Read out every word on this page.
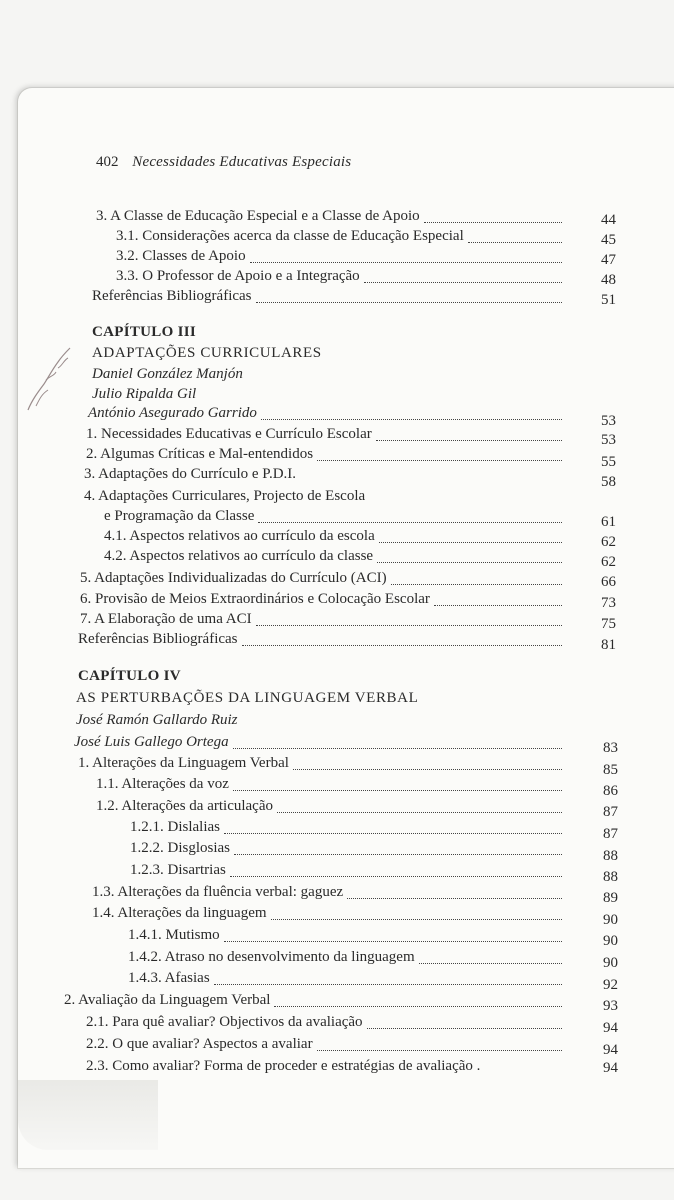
402 Necessidades Educativas Especiais
3. A Classe de Educação Especial e a Classe de Apoio	44
3.1. Considerações acerca da classe de Educação Especial	45
3.2. Classes de Apoio	47
3.3. O Professor de Apoio e a Integração	48
Referências Bibliográficas	51
CAPÍTULO III
ADAPTAÇÕES CURRICULARES
Daniel González Manjón
Julio Ripalda Gil
António Asegurado Garrido	53
1. Necessidades Educativas e Currículo Escolar	53
2. Algumas Críticas e Mal-entendidos	55
3. Adaptações do Currículo e P.D.I.	58
4. Adaptações Curriculares, Projecto de Escola
e Programação da Classe	61
4.1. Aspectos relativos ao currículo da escola	62
4.2. Aspectos relativos ao currículo da classe	62
5. Adaptações Individualizadas do Currículo (ACI)	66
6. Provisão de Meios Extraordinários e Colocação Escolar	73
7. A Elaboração de uma ACI	75
Referências Bibliográficas	81
CAPÍTULO IV
AS PERTURBAÇÕES DA LINGUAGEM VERBAL
José Ramón Gallardo Ruiz
José Luis Gallego Ortega	83
1. Alterações da Linguagem Verbal	85
1.1. Alterações da voz	86
1.2. Alterações da articulação	87
1.2.1. Dislalias	87
1.2.2. Disglosias	88
1.2.3. Disartrias	88
1.3. Alterações da fluência verbal: gaguez	89
1.4. Alterações da linguagem	90
1.4.1. Mutismo	90
1.4.2. Atraso no desenvolvimento da linguagem	90
1.4.3. Afasias	92
2. Avaliação da Linguagem Verbal	93
2.1. Para quê avaliar? Objectivos da avaliação	94
2.2. O que avaliar? Aspectos a avaliar	94
2.3. Como avaliar? Forma de proceder e estratégias de avaliação .	94
